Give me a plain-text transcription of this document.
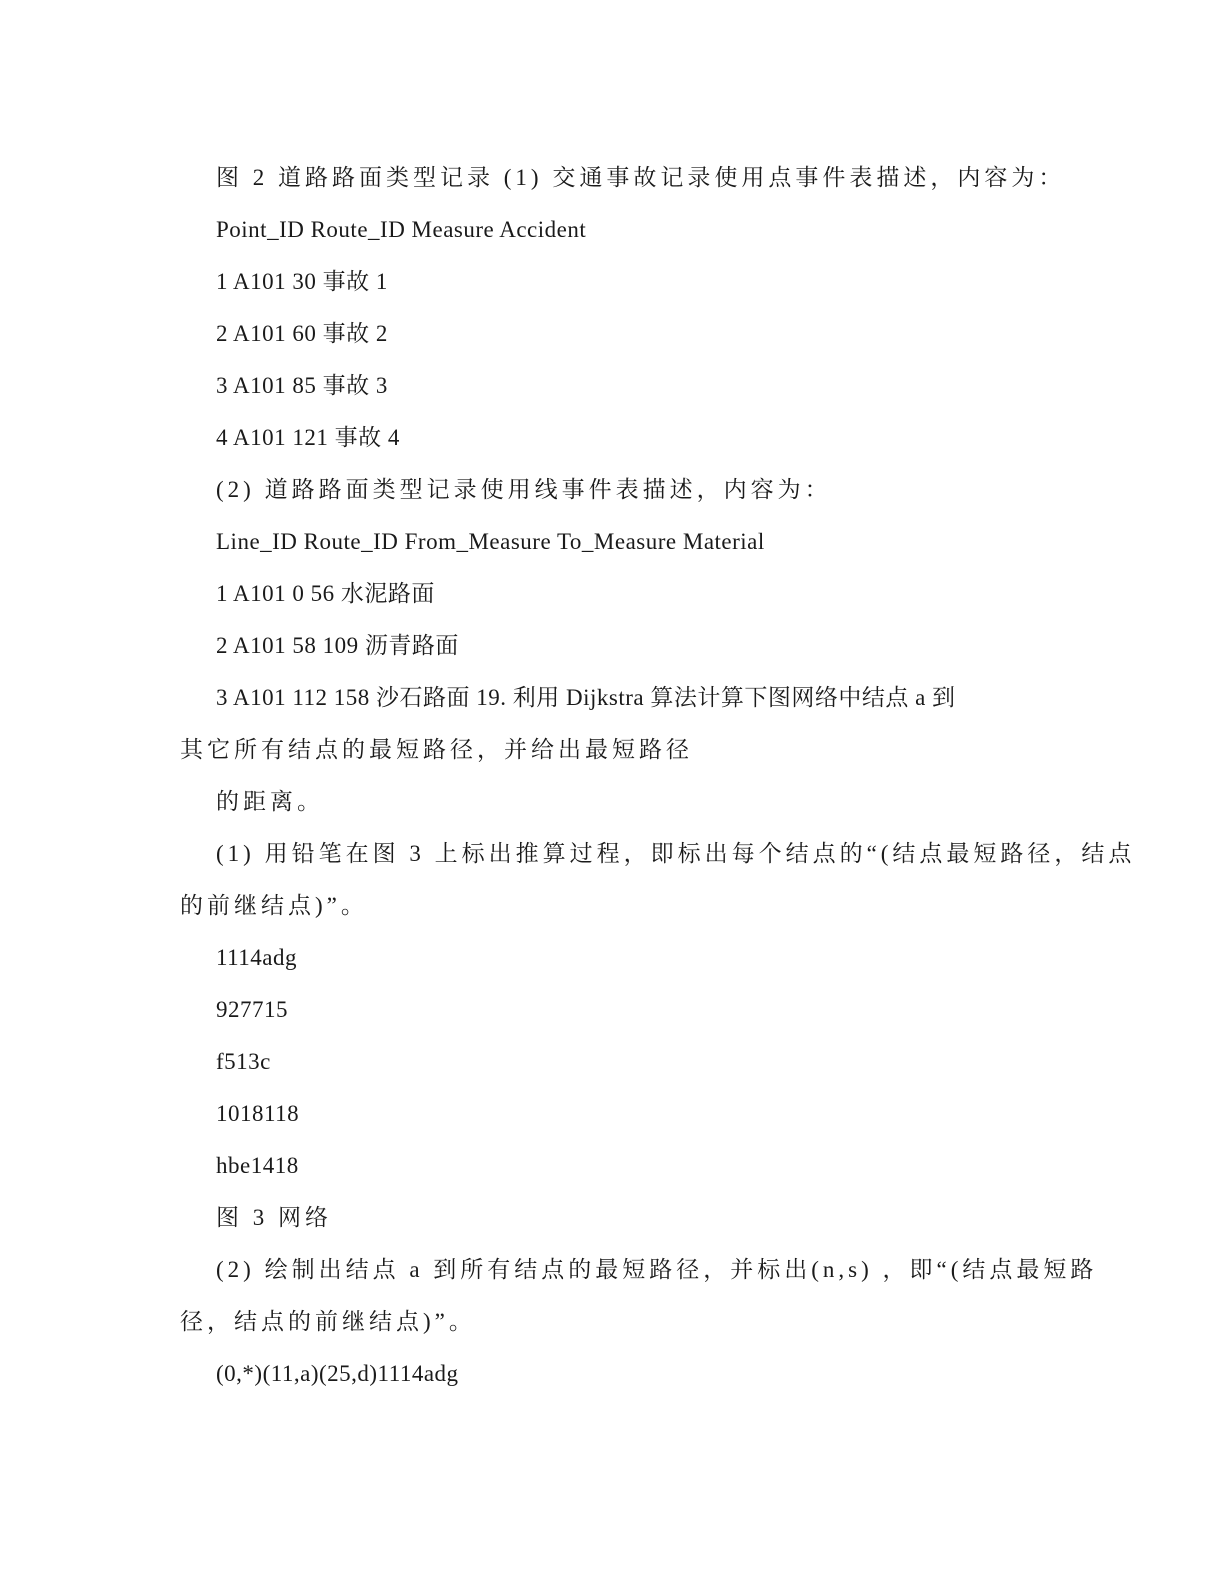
图 2 道路路面类型记录 (1) 交通事故记录使用点事件表描述，内容为：
Point_ID Route_ID Measure Accident
1 A101 30 事故 1
2 A101 60 事故 2
3 A101 85 事故 3
4 A101 121 事故 4
(2) 道路路面类型记录使用线事件表描述，内容为：
Line_ID Route_ID From_Measure To_Measure Material
1 A101 0 56 水泥路面
2 A101 58 109 沥青路面
3 A101 112 158 沙石路面 19. 利用 Dijkstra 算法计算下图网络中结点 a 到
其它所有结点的最短路径，并给出最短路径
的距离。
(1) 用铅笔在图 3 上标出推算过程，即标出每个结点的“(结点最短路径，结点
的前继结点)”。
1114adg
927715
f513c
1018118
hbe1418
图 3 网络
(2) 绘制出结点 a 到所有结点的最短路径，并标出(n,s) ，即“(结点最短路
径，结点的前继结点)”。
(0,*)(11,a)(25,d)1114adg
